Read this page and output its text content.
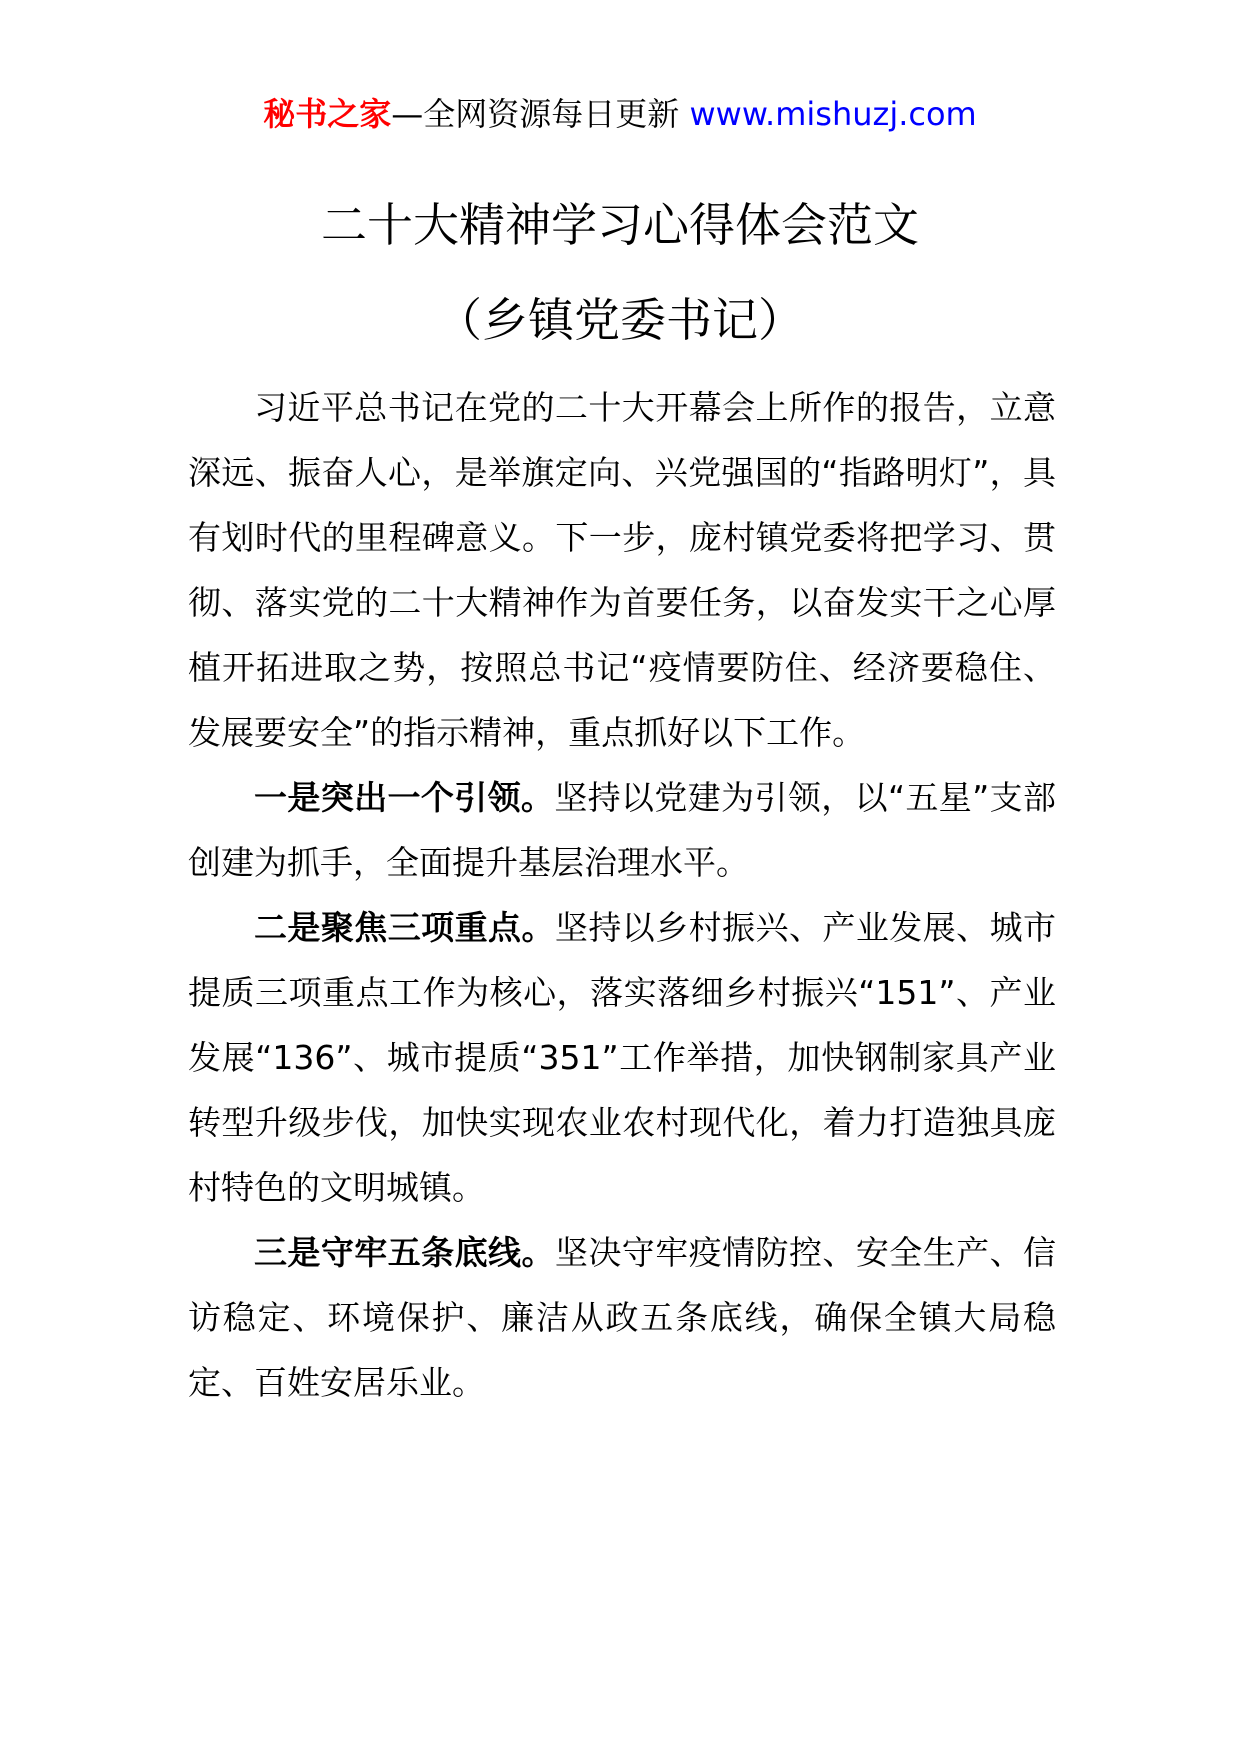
秘书之家—全网资源每日更新 www.mishuzj.com
二十大精神学习心得体会范文
（乡镇党委书记）

习近平总书记在党的二十大开幕会上所作的报告，立意深远、振奋人心，是举旗定向、兴党强国的“指路明灯”，具有划时代的里程碑意义。下一步，庞村镇党委将把学习、贯彻、落实党的二十大精神作为首要任务，以奋发实干之心厚植开拓进取之势，按照总书记“疫情要防住、经济要稳住、发展要安全”的指示精神，重点抓好以下工作。

一是突出一个引领。坚持以党建为引领，以“五星”支部创建为抓手，全面提升基层治理水平。

二是聚焦三项重点。坚持以乡村振兴、产业发展、城市提质三项重点工作为核心，落实落细乡村振兴“151”、产业发展“136”、城市提质“351”工作举措，加快钢制家具产业转型升级步伐，加快实现农业农村现代化，着力打造独具庞村特色的文明城镇。

三是守牢五条底线。坚决守牢疫情防控、安全生产、信访稳定、环境保护、廉洁从政五条底线，确保全镇大局稳定、百姓安居乐业。
